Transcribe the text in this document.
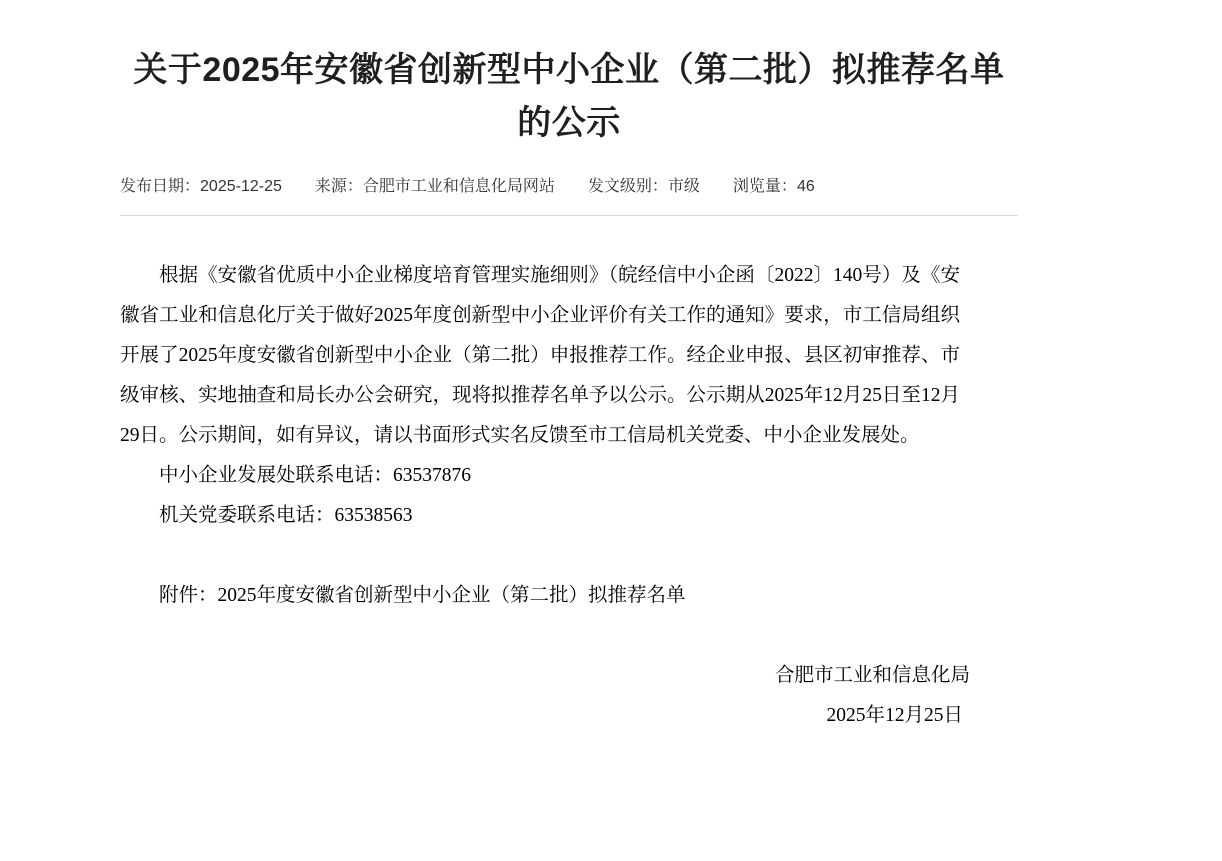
关于2025年安徽省创新型中小企业（第二批）拟推荐名单的公示
发布日期：2025-12-25 来源：合肥市工业和信息化局网站 发文级别：市级 浏览量：46

根据《安徽省优质中小企业梯度培育管理实施细则》（皖经信中小企函〔2022〕140号）及《安徽省工业和信息化厅关于做好2025年度创新型中小企业评价有关工作的通知》要求，市工信局组织开展了2025年度安徽省创新型中小企业（第二批）申报推荐工作。经企业申报、县区初审推荐、市级审核、实地抽查和局长办公会研究，现将拟推荐名单予以公示。公示期从2025年12月25日至12月29日。公示期间，如有异议，请以书面形式实名反馈至市工信局机关党委、中小企业发展处。

中小企业发展处联系电话：63537876

机关党委联系电话：63538563

附件：2025年度安徽省创新型中小企业（第二批）拟推荐名单

合肥市工业和信息化局

2025年12月25日
